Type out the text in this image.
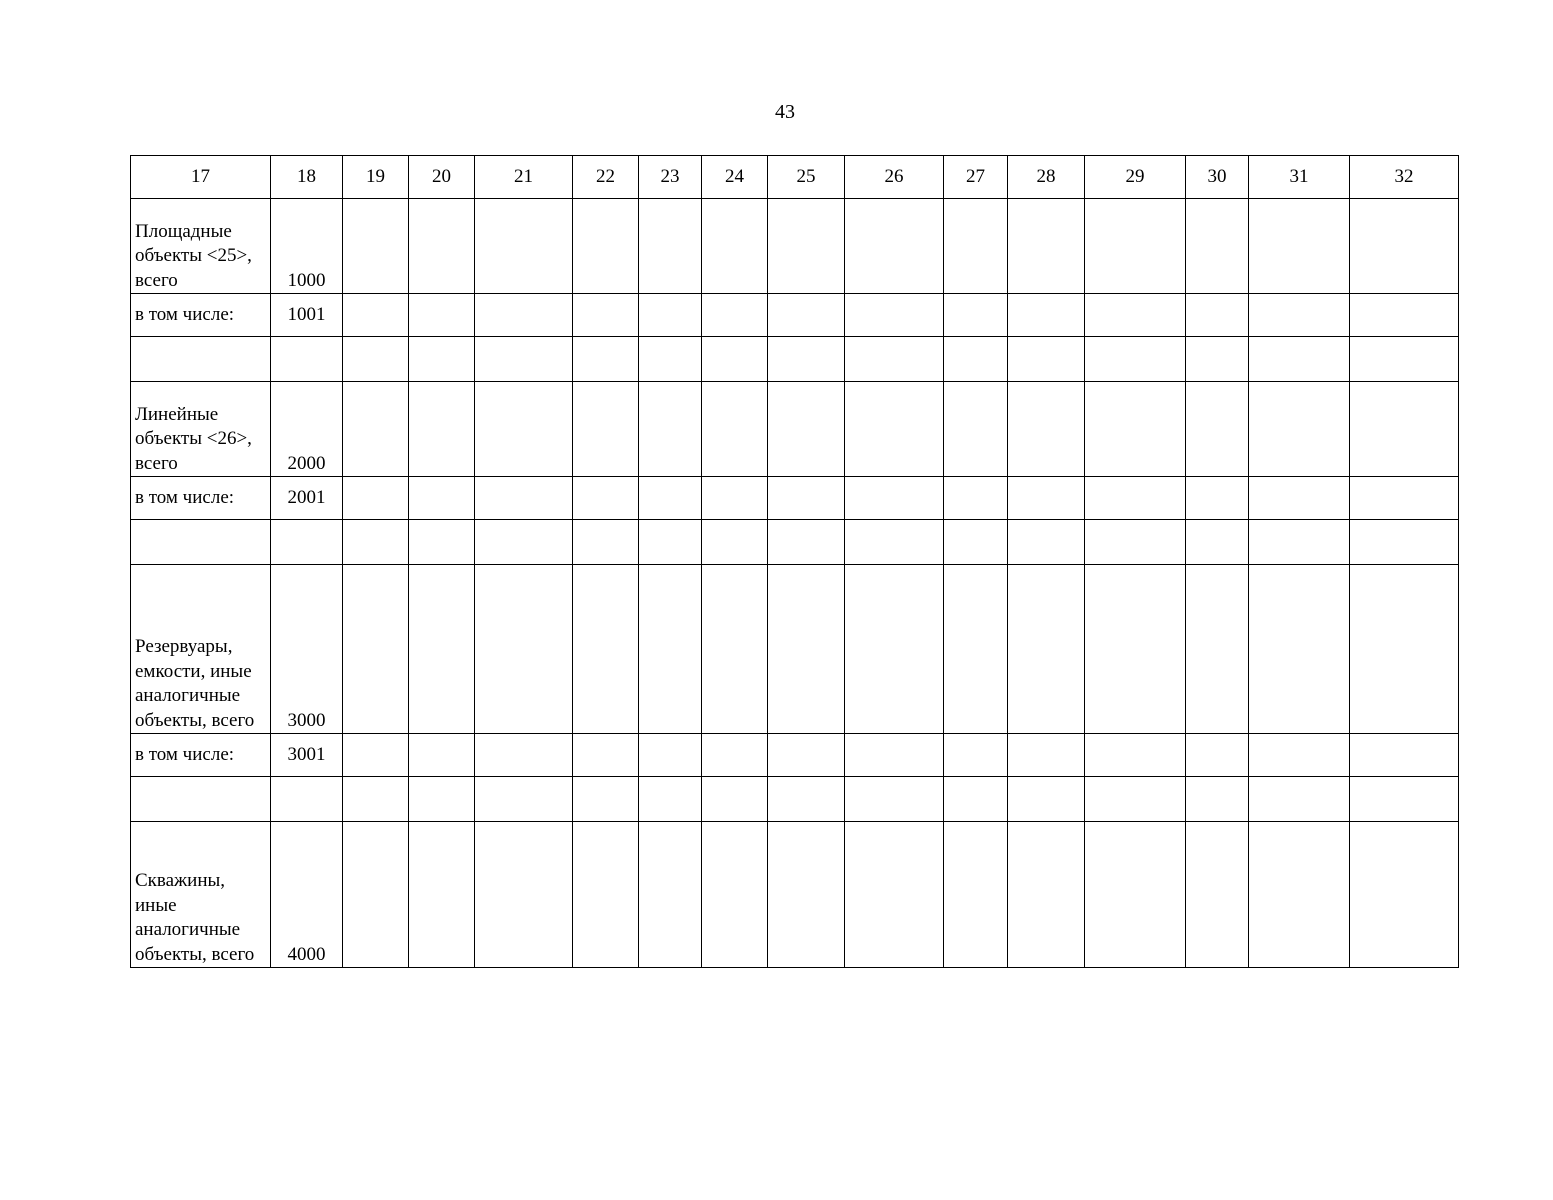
43
17	18	19	20	21	22	23	24	25	26	27	28	29	30	31	32
Площадные объекты <25>, всего	1000														
в том числе:	1001														

Линейные объекты <26>, всего	2000														
в том числе:	2001														

Резервуары, емкости, иные аналогичные объекты, всего	3000														
в том числе:	3001														

Скважины, иные аналогичные объекты, всего	4000														
